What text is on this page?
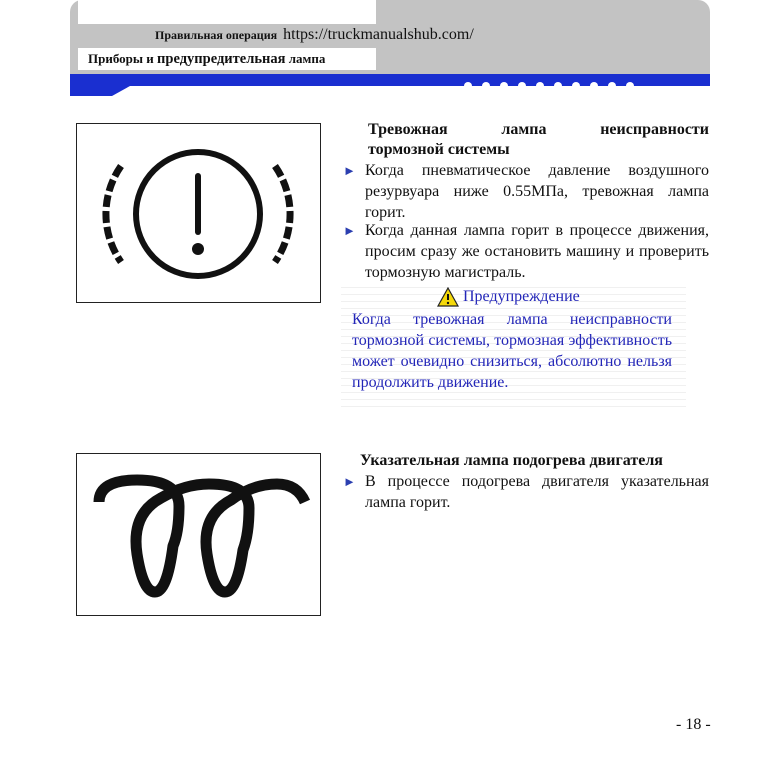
Правильная операция https://truckmanualshub.com/
Приборы и
предупредительная
лампа
Тревожная	лампа	неисправности
тормозной системы
► Когда пневматическое давление воздушного резурвуара ниже 0.55МПа, тревожная лампа горит.
► Когда данная лампа горит в процессе движения, просим сразу же остановить машину и проверить тормозную магистраль.
Предупреждение
Когда тревожная лампа неисправности тормозной системы, тормозная эффективность может очевидно снизиться, абсолютно нельзя продолжить движение.
Указательная лампа подогрева двигателя
► В процессе подогрева двигателя указательная лампа горит.
- 18 -
